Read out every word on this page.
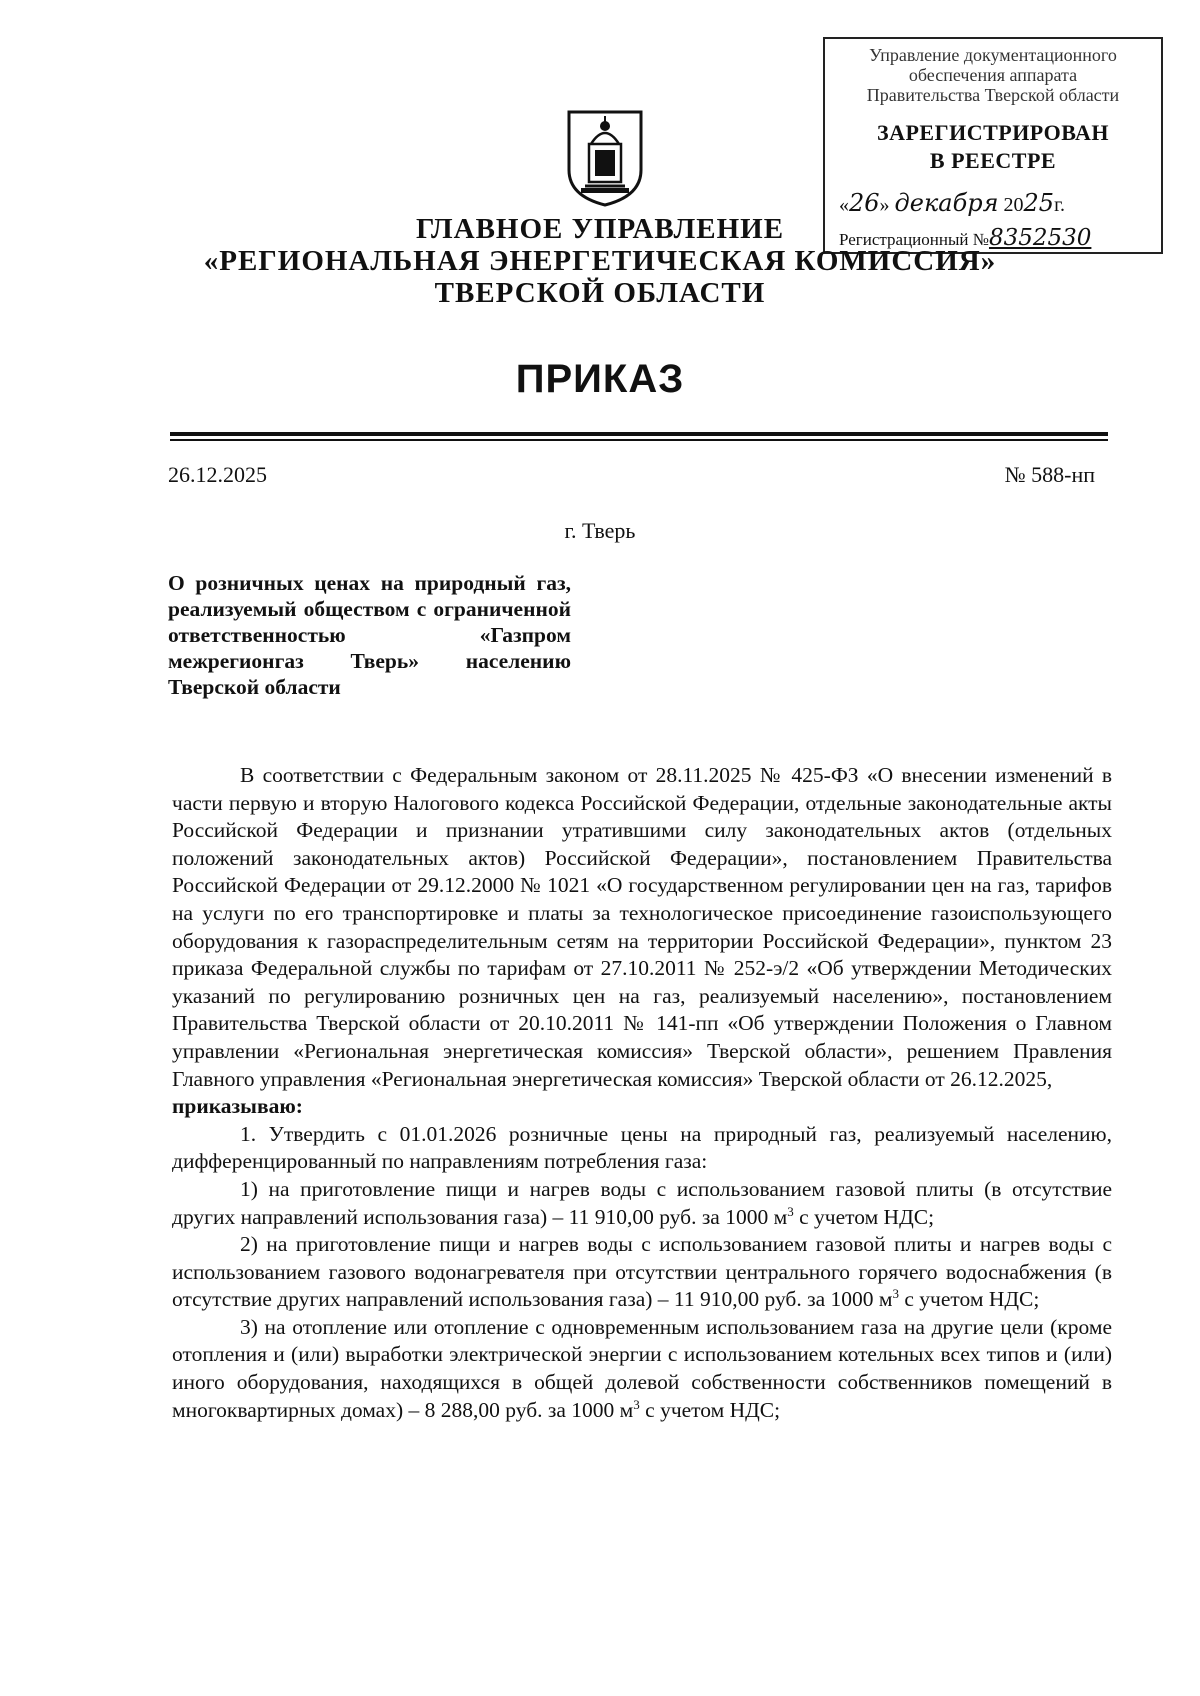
Управление документационного
обеспечения аппарата
Правительства Тверской области
ЗАРЕГИСТРИРОВАН
В РЕЕСТРЕ
«26» декабря 2025г.
Регистрационный №8352530
ГЛАВНОЕ УПРАВЛЕНИЕ
«РЕГИОНАЛЬНАЯ ЭНЕРГЕТИЧЕСКАЯ КОМИССИЯ»
ТВЕРСКОЙ ОБЛАСТИ
ПРИКАЗ
26.12.2025	№ 588-нп
г. Тверь
О розничных ценах на природный газ, реализуемый обществом с ограниченной ответственностью «Газпром межрегионгаз Тверь» населению Тверской области

В соответствии с Федеральным законом от 28.11.2025 № 425-ФЗ «О внесении изменений в части первую и вторую Налогового кодекса Российской Федерации, отдельные законодательные акты Российской Федерации и признании утратившими силу законодательных актов (отдельных положений законодательных актов) Российской Федерации», постановлением Правительства Российской Федерации от 29.12.2000 № 1021 «О государственном регулировании цен на газ, тарифов на услуги по его транспортировке и платы за технологическое присоединение газоиспользующего оборудования к газораспределительным сетям на территории Российской Федерации», пунктом 23 приказа Федеральной службы по тарифам от 27.10.2011 № 252-э/2 «Об утверждении Методических указаний по регулированию розничных цен на газ, реализуемый населению», постановлением Правительства Тверской области от 20.10.2011 № 141-пп «Об утверждении Положения о Главном управлении «Региональная энергетическая комиссия» Тверской области», решением Правления Главного управления «Региональная энергетическая комиссия» Тверской области от 26.12.2025,

приказываю:

1. Утвердить с 01.01.2026 розничные цены на природный газ, реализуемый населению, дифференцированный по направлениям потребления газа:

1) на приготовление пищи и нагрев воды с использованием газовой плиты (в отсутствие других направлений использования газа) – 11 910,00 руб. за 1000 $м^3$ с учетом НДС;

2) на приготовление пищи и нагрев воды с использованием газовой плиты и нагрев воды с использованием газового водонагревателя при отсутствии центрального горячего водоснабжения (в отсутствие других направлений использования газа) – 11 910,00 руб. за 1000 $м^3$ с учетом НДС;

3) на отопление или отопление с одновременным использованием газа на другие цели (кроме отопления и (или) выработки электрической энергии с использованием котельных всех типов и (или) иного оборудования, находящихся в общей долевой собственности собственников помещений в многоквартирных домах) – 8 288,00 руб. за 1000 $м^3$ с учетом НДС;
